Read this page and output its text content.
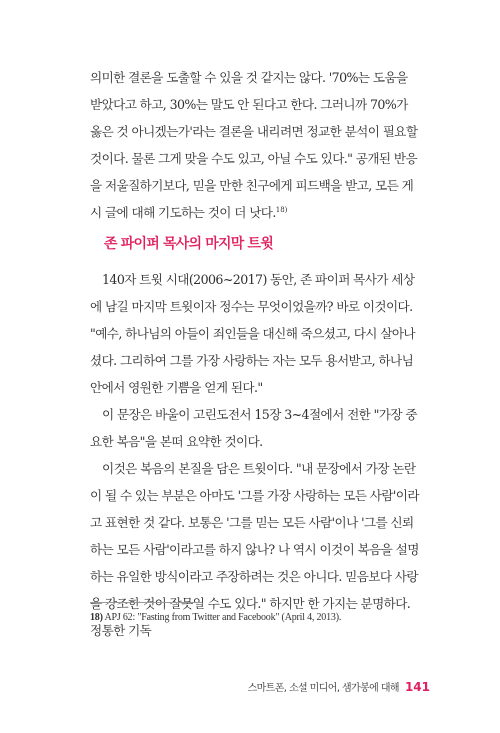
의미한 결론을 도출할 수 있을 것 같지는 않다. '70%는 도움을 받았다고 하고, 30%는 말도 안 된다고 한다. 그러니까 70%가 옳은 것 아니겠는가'라는 결론을 내리려면 정교한 분석이 필요할 것이다. 물론 그게 맞을 수도 있고, 아닐 수도 있다." 공개된 반응을 저울질하기보다, 믿을 만한 친구에게 피드백을 받고, 모든 게시 글에 대해 기도하는 것이 더 낫다.$^{18)}$

존 파이퍼 목사의 마지막 트윗

140자 트윗 시대(2006~2017) 동안, 존 파이퍼 목사가 세상에 남길 마지막 트윗이자 정수는 무엇이었을까? 바로 이것이다. "예수, 하나님의 아들이 죄인들을 대신해 죽으셨고, 다시 살아나셨다. 그리하여 그를 가장 사랑하는 자는 모두 용서받고, 하나님 안에서 영원한 기쁨을 얻게 된다."

이 문장은 바울이 고린도전서 15장 3~4절에서 전한 "가장 중요한 복음"을 본떠 요약한 것이다.

이것은 복음의 본질을 담은 트윗이다. "내 문장에서 가장 논란이 될 수 있는 부분은 아마도 '그를 가장 사랑하는 모든 사람'이라고 표현한 것 같다. 보통은 '그를 믿는 모든 사람'이나 '그를 신뢰하는 모든 사람'이라고를 하지 않나? 나 역시 이것이 복음을 설명하는 유일한 방식이라고 주장하려는 것은 아니다. 믿음보다 사랑을 강조한 것이 잘못일 수도 있다." 하지만 한 가지는 분명하다. 정통한 기독

18) APJ 62: "Fasting from Twitter and Facebook" (April 4, 2013).

스마트폰, 소셜 미디어, 샘가봉에 대해 141
